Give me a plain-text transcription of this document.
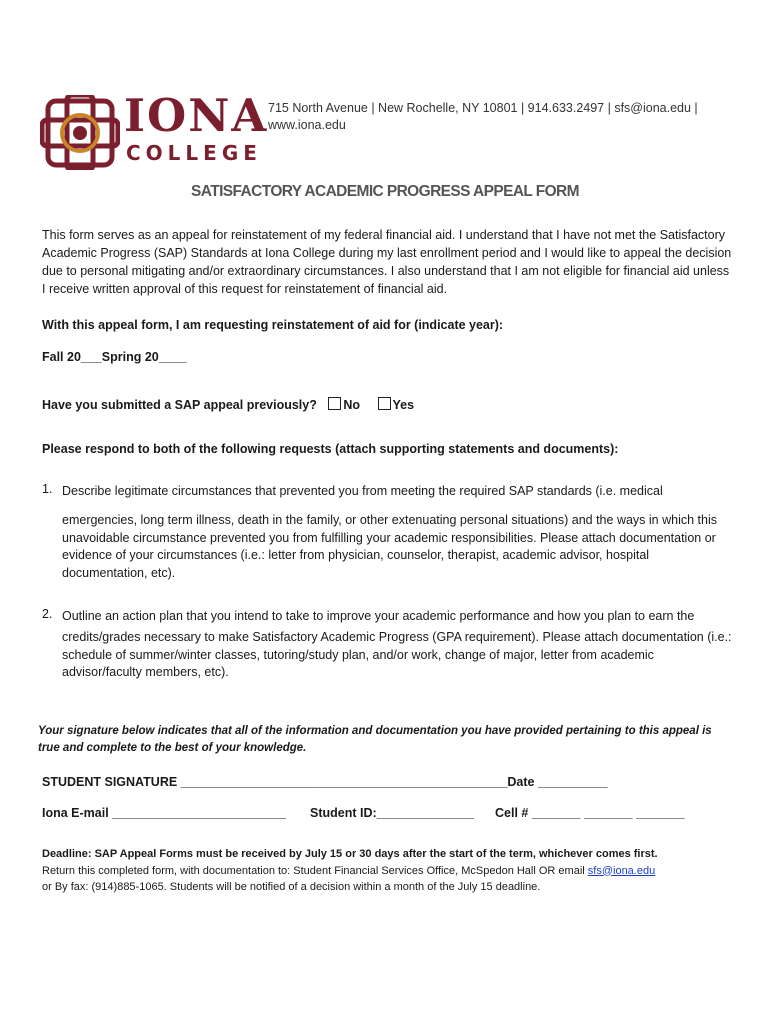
IONA
COLLEGE
715 North Avenue | New Rochelle, NY 10801 | 914.633.2497 | sfs@iona.edu | www.iona.edu
SATISFACTORY ACADEMIC PROGRESS APPEAL FORM
This form serves as an appeal for reinstatement of my federal financial aid. I understand that I have not met the Satisfactory Academic Progress (SAP) Standards at Iona College during my last enrollment period and I would like to appeal the decision due to personal mitigating and/or extraordinary circumstances. I also understand that I am not eligible for financial aid unless I receive written approval of this request for reinstatement of financial aid.
With this appeal form, I am requesting reinstatement of aid for (indicate year):
Fall 20___Spring 20____
Have you submitted a SAP appeal previously? No	Yes
Please respond to both of the following requests (attach supporting statements and documents):
1. Describe legitimate circumstances that prevented you from meeting the required SAP standards (i.e. medical
emergencies, long term illness, death in the family, or other extenuating personal situations) and the ways in which this unavoidable circumstance prevented you from fulfilling your academic responsibilities. Please attach documentation or evidence of your circumstances (i.e.: letter from physician, counselor, therapist, academic advisor, hospital documentation, etc).
2. Outline an action plan that you intend to take to improve your academic performance and how you plan to earn the
credits/grades necessary to make Satisfactory Academic Progress (GPA requirement). Please attach documentation (i.e.: schedule of summer/winter classes, tutoring/study plan, and/or work, change of major, letter from academic advisor/faculty members, etc).
Your signature below indicates that all of the information and documentation you have provided pertaining to this appeal is true and complete to the best of your knowledge.
STUDENT SIGNATURE _______________________________________________Date __________
Iona E-mail _________________________ Student ID:______________ Cell # _______ _______ _______
Deadline: SAP Appeal Forms must be received by July 15 or 30 days after the start of the term, whichever comes first.
Return this completed form, with documentation to: Student Financial Services Office, McSpedon Hall OR email sfs@iona.edu
or By fax: (914)885-1065. Students will be notified of a decision within a month of the July 15 deadline.
